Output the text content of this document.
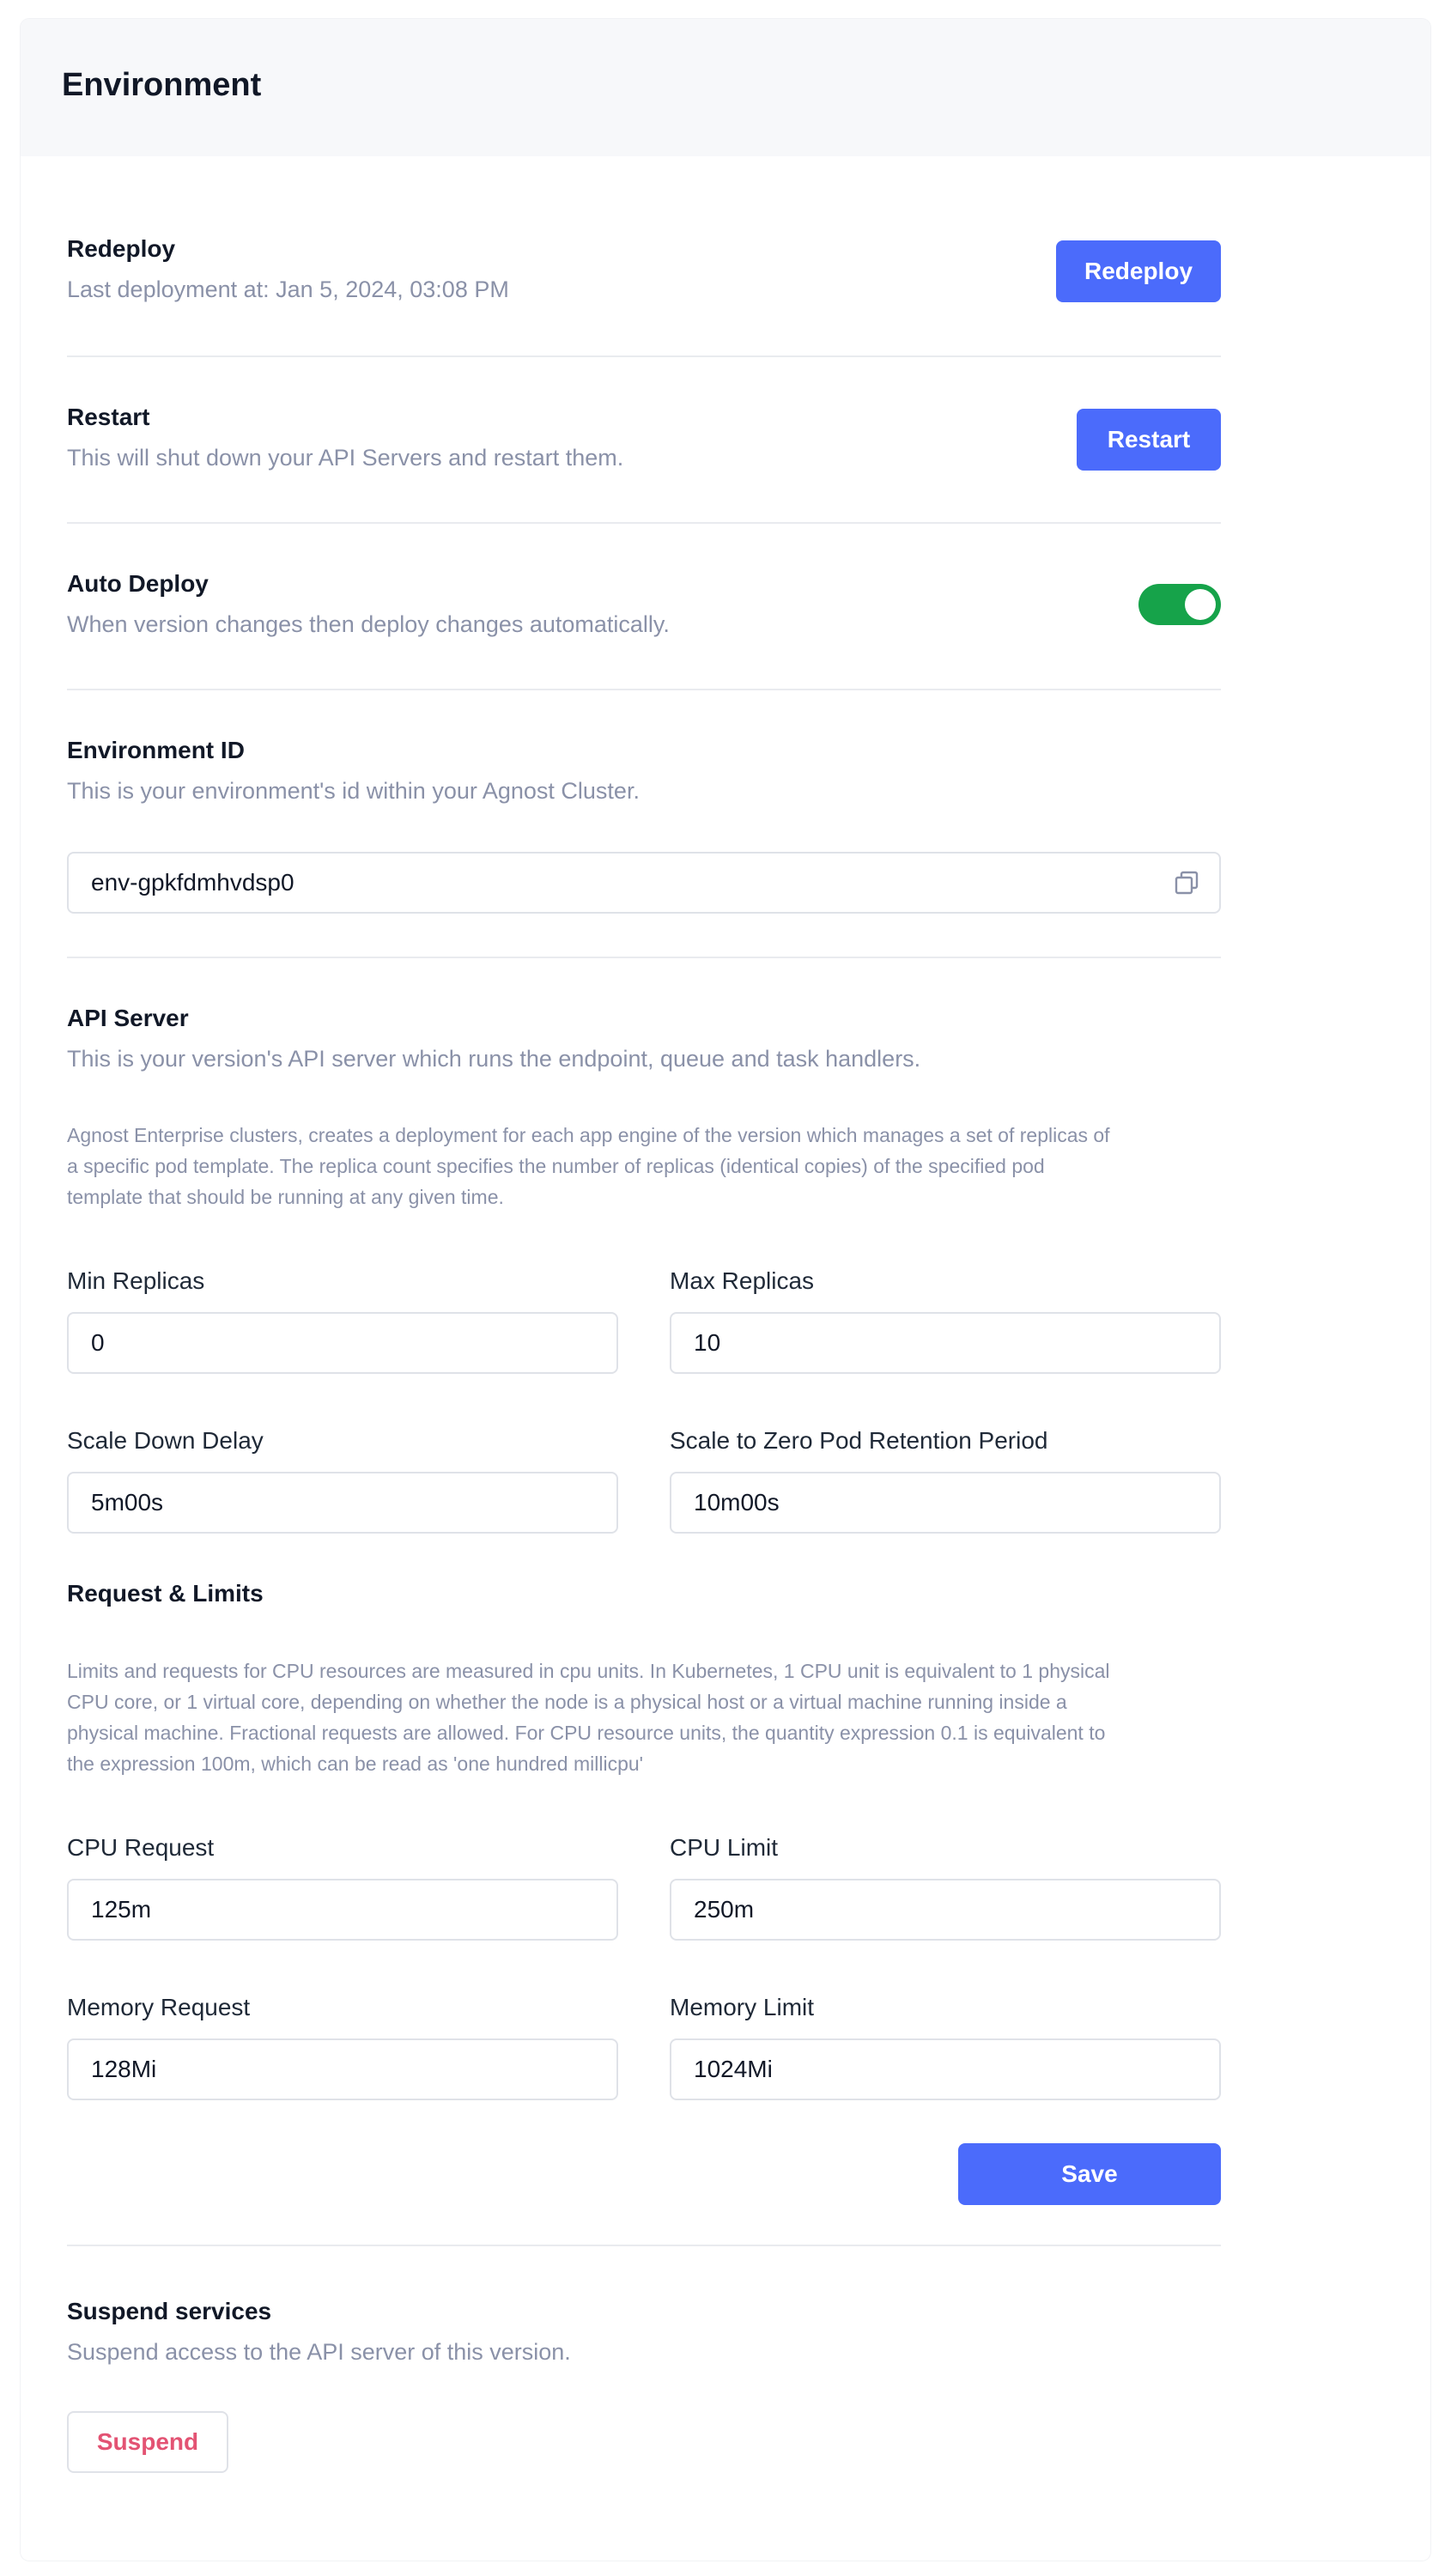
Environment
Redeploy
Last deployment at: Jan 5, 2024, 03:08 PM
Redeploy
Restart
This will shut down your API Servers and restart them.
Restart
Auto Deploy
When version changes then deploy changes automatically.
Environment ID
This is your environment's id within your Agnost Cluster.
env-gpkfdmhvdsp0
API Server
This is your version's API server which runs the endpoint, queue and task handlers.
Agnost Enterprise clusters, creates a deployment for each app engine of the version which manages a set of replicas of
a specific pod template. The replica count specifies the number of replicas (identical copies) of the specified pod
template that should be running at any given time.
Min Replicas
0
Max Replicas
10
Scale Down Delay
5m00s
Scale to Zero Pod Retention Period
10m00s
Request & Limits
Limits and requests for CPU resources are measured in cpu units. In Kubernetes, 1 CPU unit is equivalent to 1 physical
CPU core, or 1 virtual core, depending on whether the node is a physical host or a virtual machine running inside a
physical machine. Fractional requests are allowed. For CPU resource units, the quantity expression 0.1 is equivalent to
the expression 100m, which can be read as 'one hundred millicpu'
CPU Request
125m
CPU Limit
250m
Memory Request
128Mi
Memory Limit
1024Mi
Save
Suspend services
Suspend access to the API server of this version.
Suspend
